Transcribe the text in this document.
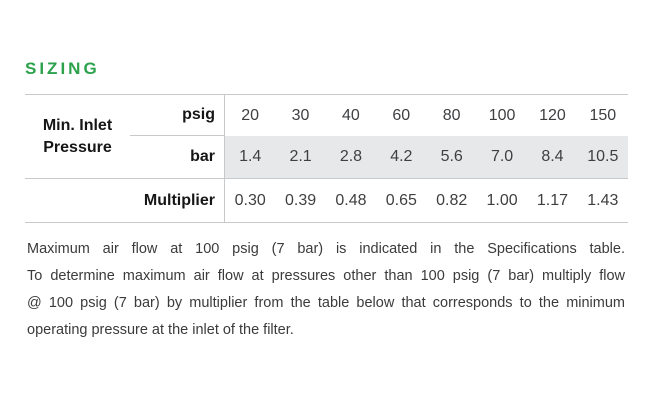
SIZING
Min. Inlet Pressure
psig	20	30	40	60	80	100	120	150
bar	1.4	2.1	2.8	4.2	5.6	7.0	8.4	10.5
Multiplier	0.30	0.39	0.48	0.65	0.82	1.00	1.17	1.43
Maximum air flow at 100 psig (7 bar) is indicated in the Specifications table.
To determine maximum air flow at pressures other than 100 psig (7 bar) multiply flow
@ 100 psig (7 bar) by multiplier from the table below that corresponds to the minimum
operating pressure at the inlet of the filter.
